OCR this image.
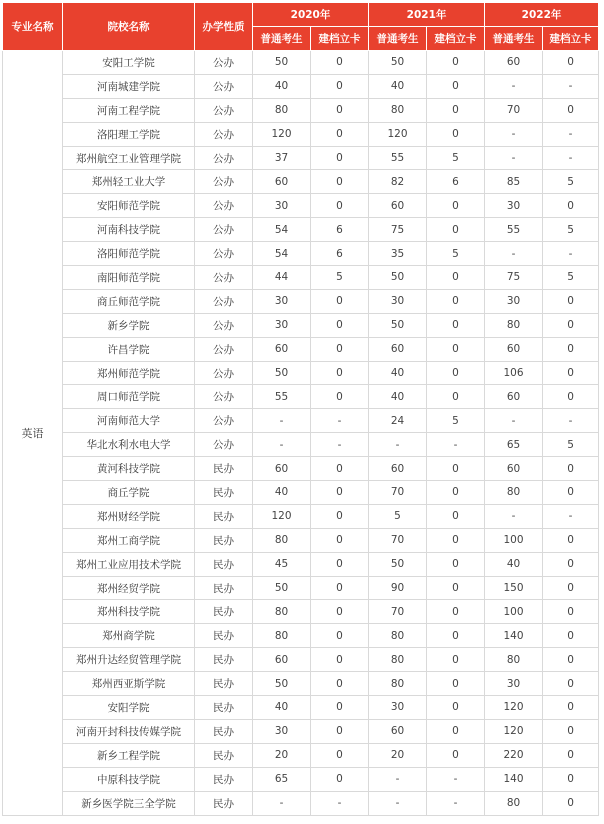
专业名称	院校名称	办学性质	2020年		2021年		2022年	
			普通考生	建档立卡	普通考生	建档立卡	普通考生	建档立卡
英语	安阳工学院	公办	50	0	50	0	60	0
	河南城建学院	公办	40	0	40	0	-	-
	河南工程学院	公办	80	0	80	0	70	0
	洛阳理工学院	公办	120	0	120	0	-	-
	郑州航空工业管理学院	公办	37	0	55	5	-	-
	郑州轻工业大学	公办	60	0	82	6	85	5
	安阳师范学院	公办	30	0	60	0	30	0
	河南科技学院	公办	54	6	75	0	55	5
	洛阳师范学院	公办	54	6	35	5	-	-
	南阳师范学院	公办	44	5	50	0	75	5
	商丘师范学院	公办	30	0	30	0	30	0
	新乡学院	公办	30	0	50	0	80	0
	许昌学院	公办	60	0	60	0	60	0
	郑州师范学院	公办	50	0	40	0	106	0
	周口师范学院	公办	55	0	40	0	60	0
	河南师范大学	公办	-	-	24	5	-	-
	华北水利水电大学	公办	-	-	-	-	65	5
	黄河科技学院	民办	60	0	60	0	60	0
	商丘学院	民办	40	0	70	0	80	0
	郑州财经学院	民办	120	0	5	0	-	-
	郑州工商学院	民办	80	0	70	0	100	0
	郑州工业应用技术学院	民办	45	0	50	0	40	0
	郑州经贸学院	民办	50	0	90	0	150	0
	郑州科技学院	民办	80	0	70	0	100	0
	郑州商学院	民办	80	0	80	0	140	0
	郑州升达经贸管理学院	民办	60	0	80	0	80	0
	郑州西亚斯学院	民办	50	0	80	0	30	0
	安阳学院	民办	40	0	30	0	120	0
	河南开封科技传媒学院	民办	30	0	60	0	120	0
	新乡工程学院	民办	20	0	20	0	220	0
	中原科技学院	民办	65	0	-	-	140	0
	新乡医学院三全学院	民办	-	-	-	-	80	0
